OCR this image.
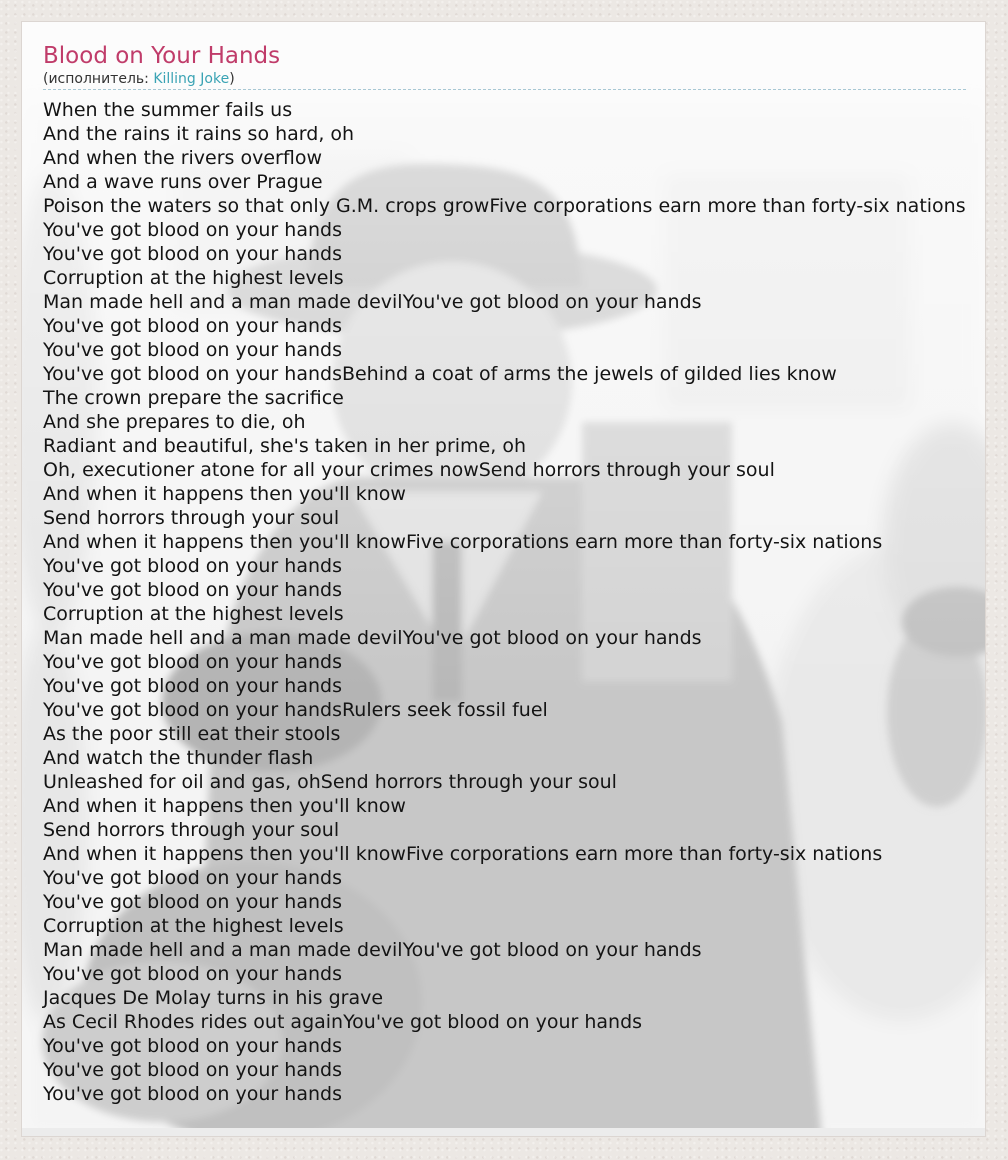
Blood on Your Hands
(исполнитель: Killing Joke)
When the summer fails us
And the rains it rains so hard, oh
And when the rivers overflow
And a wave runs over Prague
Poison the waters so that only G.M. crops growFive corporations earn more than forty-six nations
You've got blood on your hands
You've got blood on your hands
Corruption at the highest levels
Man made hell and a man made devilYou've got blood on your hands
You've got blood on your hands
You've got blood on your hands
You've got blood on your handsBehind a coat of arms the jewels of gilded lies know
The crown prepare the sacrifice
And she prepares to die, oh
Radiant and beautiful, she's taken in her prime, oh
Oh, executioner atone for all your crimes nowSend horrors through your soul
And when it happens then you'll know
Send horrors through your soul
And when it happens then you'll knowFive corporations earn more than forty-six nations
You've got blood on your hands
You've got blood on your hands
Corruption at the highest levels
Man made hell and a man made devilYou've got blood on your hands
You've got blood on your hands
You've got blood on your hands
You've got blood on your handsRulers seek fossil fuel
As the poor still eat their stools
And watch the thunder flash
Unleashed for oil and gas, ohSend horrors through your soul
And when it happens then you'll know
Send horrors through your soul
And when it happens then you'll knowFive corporations earn more than forty-six nations
You've got blood on your hands
You've got blood on your hands
Corruption at the highest levels
Man made hell and a man made devilYou've got blood on your hands
You've got blood on your hands
Jacques De Molay turns in his grave
As Cecil Rhodes rides out againYou've got blood on your hands
You've got blood on your hands
You've got blood on your hands
You've got blood on your hands
